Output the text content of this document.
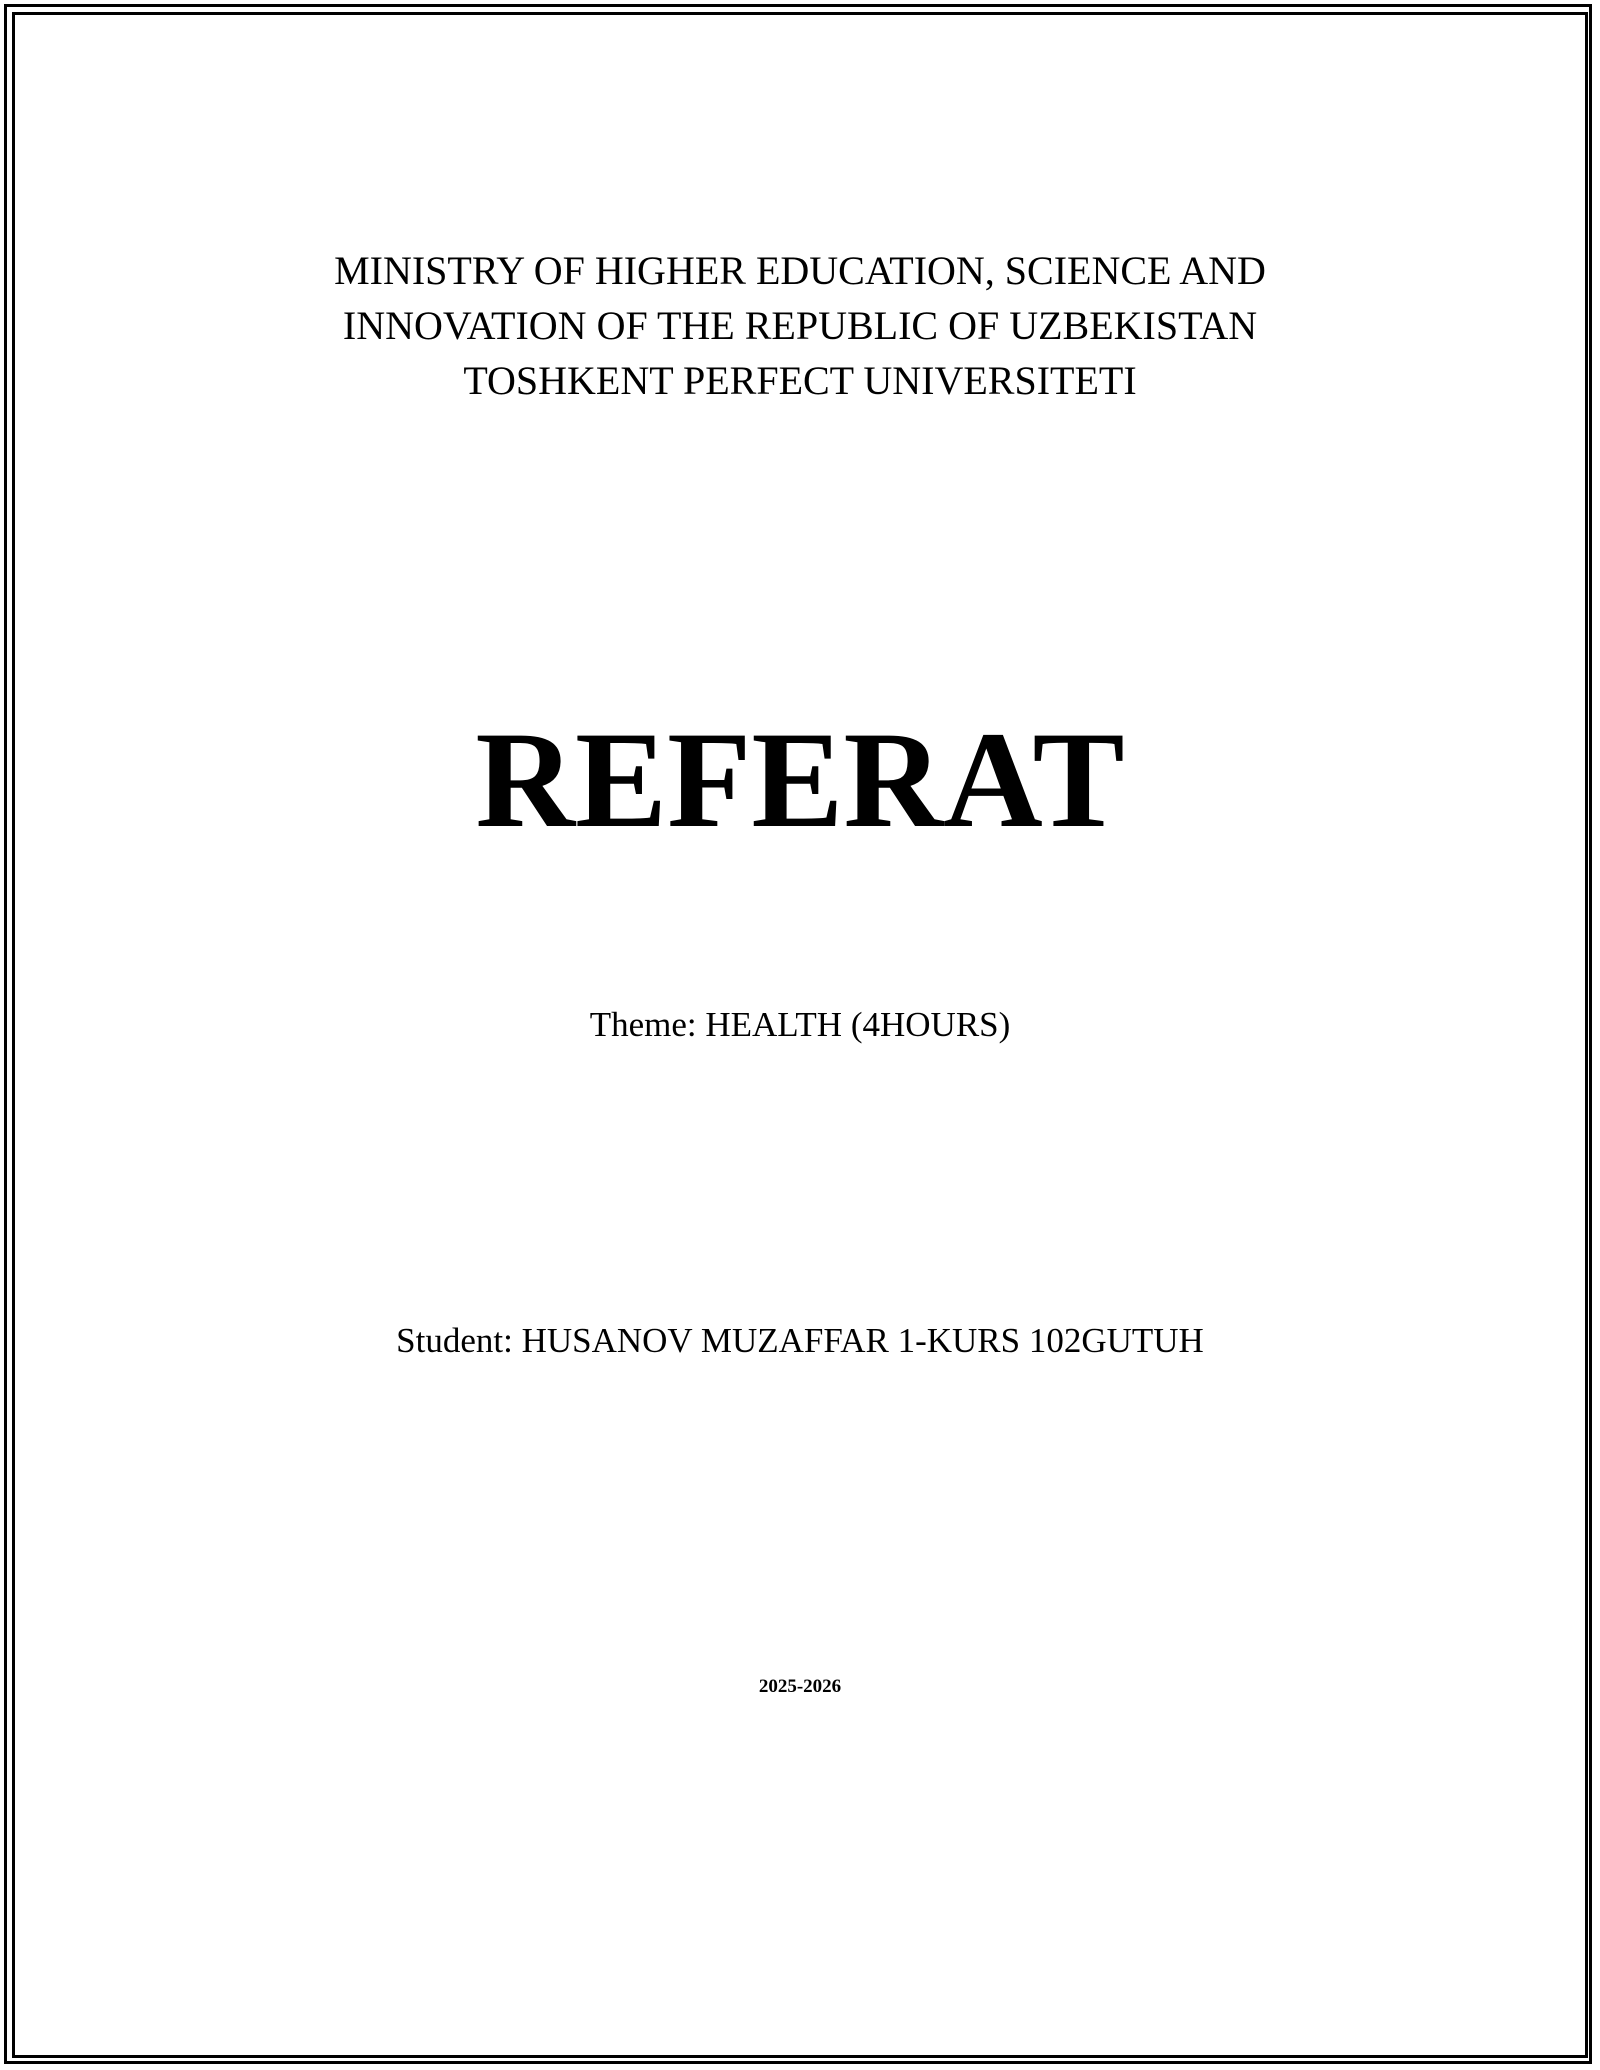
MINISTRY OF HIGHER EDUCATION, SCIENCE AND
INNOVATION OF THE REPUBLIC OF UZBEKISTAN
TOSHKENT PERFECT UNIVERSITETI
REFERAT
Theme: HEALTH (4HOURS)
Student: HUSANOV MUZAFFAR 1-KURS 102GUTUH
2025-2026
